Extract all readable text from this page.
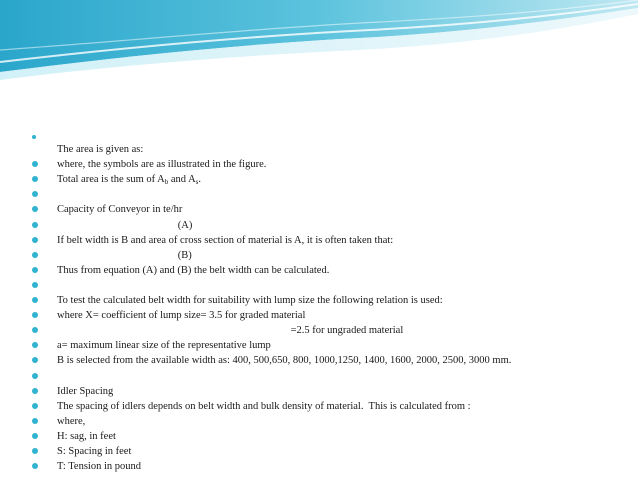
The area is given as:
where, the symbols are as illustrated in the figure.
Total area is the sum of $A_b$ and $A_s$.
Capacity of Conveyor in te/hr
(A)
If belt width is B and area of cross section of material is A, it is often taken that:
(B)
Thus from equation (A) and (B) the belt width can be calculated.
To test the calculated belt width for suitability with lump size the following relation is used:
where X= coefficient of lump size= 3.5 for graded material
=2.5 for ungraded material
a= maximum linear size of the representative lump
B is selected from the available width as: 400, 500,650, 800, 1000,1250, 1400, 1600, 2000, 2500, 3000 mm.
Idler Spacing
The spacing of idlers depends on belt width and bulk density of material.  This is calculated from :
where,
H: sag, in feet
S: Spacing in feet
T: Tension in pound
